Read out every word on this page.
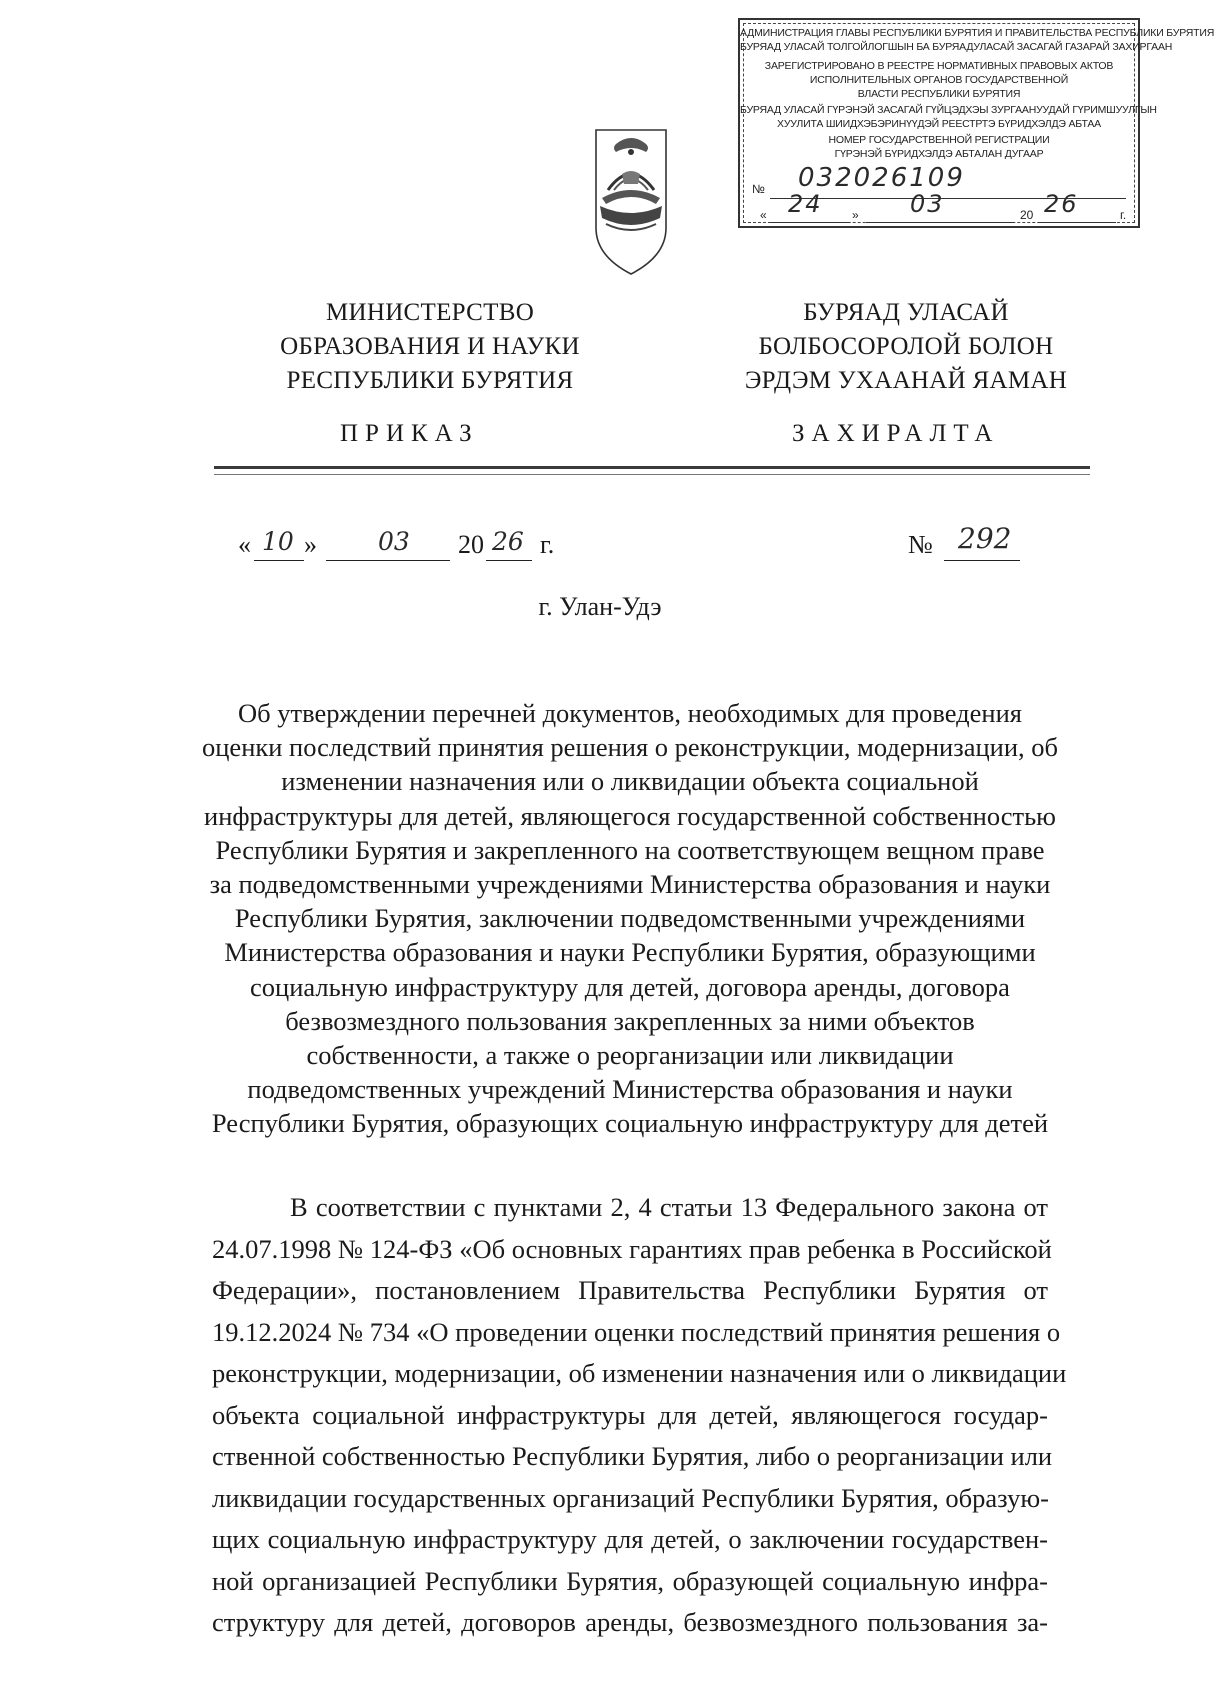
АДМИНИСТРАЦИЯ ГЛАВЫ РЕСПУБЛИКИ БУРЯТИЯ И ПРАВИТЕЛЬСТВА РЕСПУБЛИКИ БУРЯТИЯ
БУРЯАД УЛАСАЙ ТОЛГОЙЛОГШЫН БА БУРЯАДУЛАСАЙ ЗАСАГАЙ ГАЗАРАЙ ЗАХИРГААН
ЗАРЕГИСТРИРОВАНО В РЕЕСТРЕ НОРМАТИВНЫХ ПРАВОВЫХ АКТОВ
ИСПОЛНИТЕЛЬНЫХ ОРГАНОВ ГОСУДАРСТВЕННОЙ
ВЛАСТИ РЕСПУБЛИКИ БУРЯТИЯ
БУРЯАД УЛАСАЙ ГҮРЭНЭЙ ЗАСАГАЙ ГҮЙЦЭДХЭЫ ЗУРГААНУУДАЙ ГҮРИМШУУЛГЫН
ХУУЛИТА ШИИДХЭБЭРИНҮҮДЭЙ РЕЕСТРТЭ БҮРИДХЭЛДЭ АБТАА
НОМЕР ГОСУДАРСТВЕННОЙ РЕГИСТРАЦИИ
ГҮРЭНЭЙ БҮРИДХЭЛДЭ АБТАЛАН ДУГААР
№ 032026109
« 24 » 03	20 26	г.
МИНИСТЕРСТВО
ОБРАЗОВАНИЯ И НАУКИ
РЕСПУБЛИКИ БУРЯТИЯ
БУРЯАД УЛАСАЙ
БОЛБОСОРОЛОЙ БОЛОН
ЭРДЭМ УХААНАЙ ЯАМАН
ПРИКАЗ	ЗАХИРАЛТА
« 10 » 03 20 26 г.	№ 292
г. Улан-Удэ
Об утверждении перечней документов, необходимых для проведения
оценки последствий принятия решения о реконструкции, модернизации, об
изменении назначения или о ликвидации объекта социальной
инфраструктуры для детей, являющегося государственной собственностью
Республики Бурятия и закрепленного на соответствующем вещном праве
за подведомственными учреждениями Министерства образования и науки
Республики Бурятия, заключении подведомственными учреждениями
Министерства образования и науки Республики Бурятия, образующими
социальную инфраструктуру для детей, договора аренды, договора
безвозмездного пользования закрепленных за ними объектов
собственности, а также о реорганизации или ликвидации
подведомственных учреждений Министерства образования и науки
Республики Бурятия, образующих социальную инфраструктуру для детей
В соответствии с пунктами 2, 4 статьи 13 Федерального закона от
24.07.1998 № 124-ФЗ «Об основных гарантиях прав ребенка в Российской
Федерации», постановлением Правительства Республики Бурятия от
19.12.2024 № 734 «О проведении оценки последствий принятия решения о
реконструкции, модернизации, об изменении назначения или о ликвидации
объекта социальной инфраструктуры для детей, являющегося государ-
ственной собственностью Республики Бурятия, либо о реорганизации или
ликвидации государственных организаций Республики Бурятия, образую-
щих социальную инфраструктуру для детей, о заключении государствен-
ной организацией Республики Бурятия, образующей социальную инфра-
структуру для детей, договоров аренды, безвозмездного пользования за-
